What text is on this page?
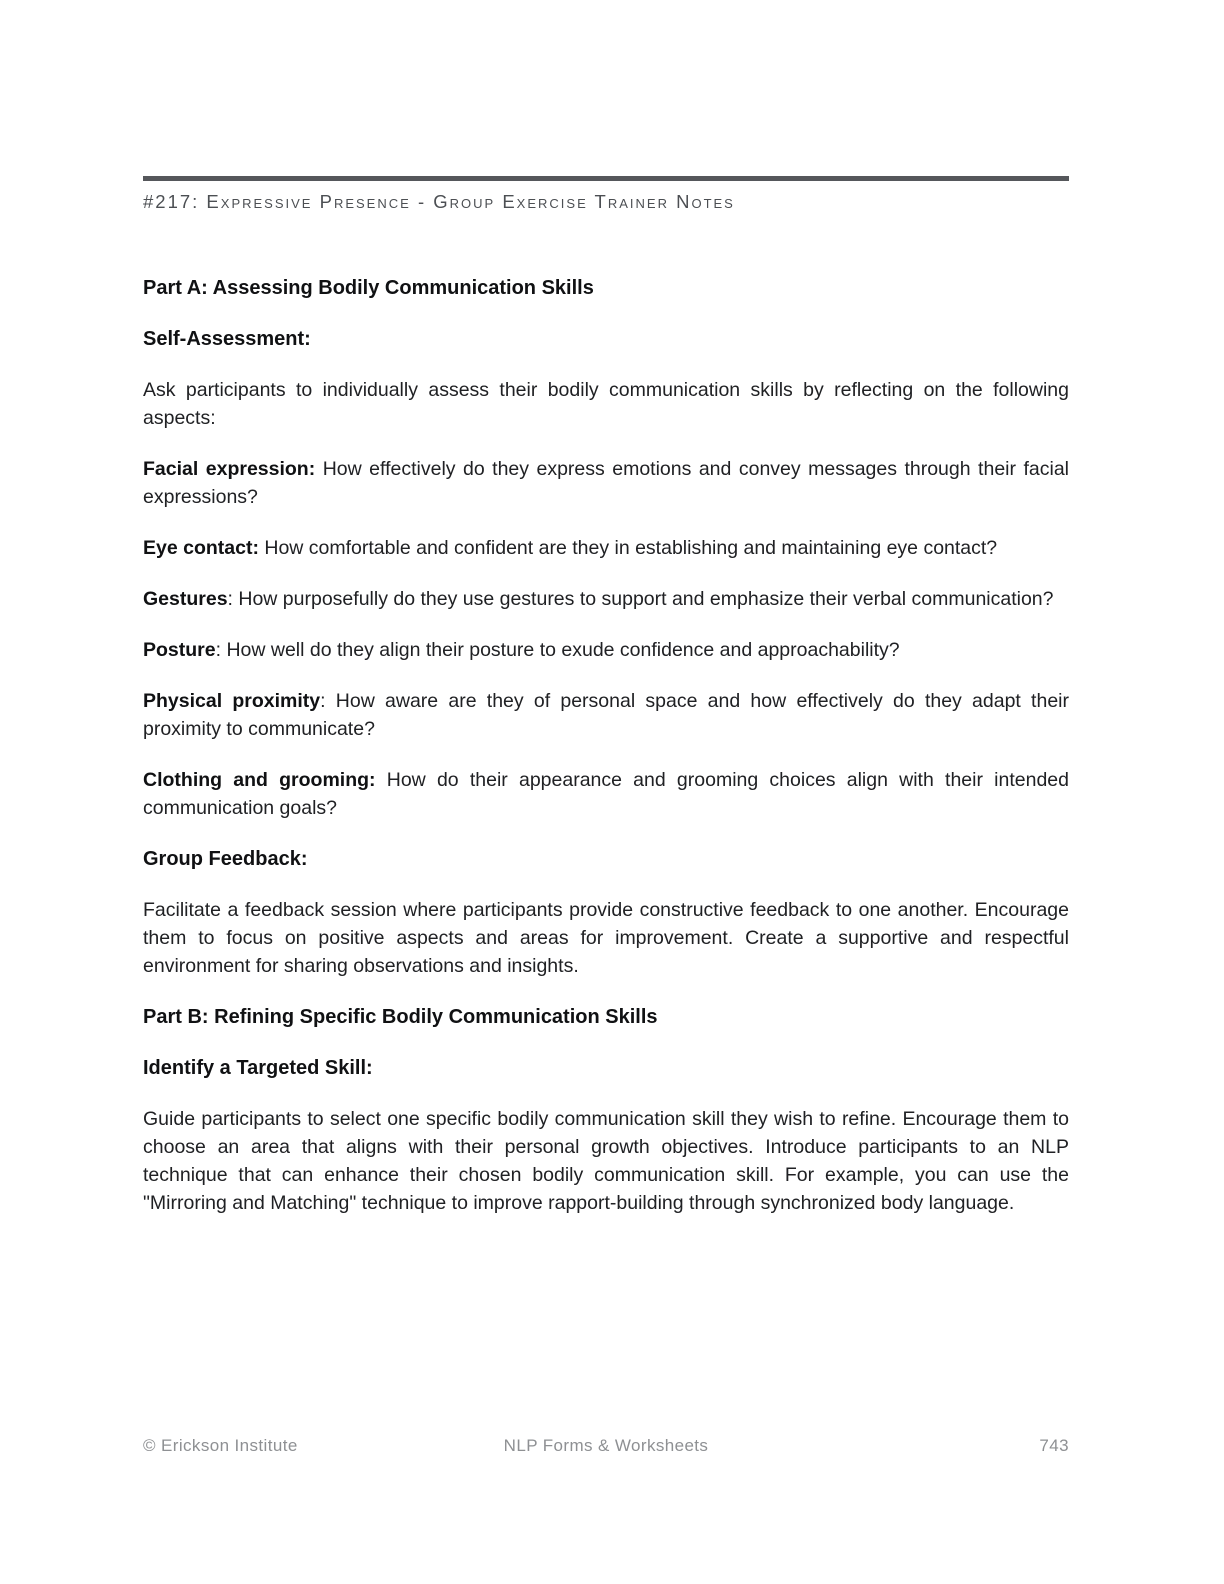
#217: Expressive Presence - Group Exercise Trainer Notes
Part A: Assessing Bodily Communication Skills
Self-Assessment:

Ask participants to individually assess their bodily communication skills by reflecting on the following aspects:

Facial expression: How effectively do they express emotions and convey messages through their facial expressions?

Eye contact: How comfortable and confident are they in establishing and maintaining eye contact?

Gestures: How purposefully do they use gestures to support and emphasize their verbal communication?

Posture: How well do they align their posture to exude confidence and approachability?

Physical proximity: How aware are they of personal space and how effectively do they adapt their proximity to communicate?

Clothing and grooming: How do their appearance and grooming choices align with their intended communication goals?

Group Feedback:

Facilitate a feedback session where participants provide constructive feedback to one another. Encourage them to focus on positive aspects and areas for improvement. Create a supportive and respectful environment for sharing observations and insights.

Part B: Refining Specific Bodily Communication Skills
Identify a Targeted Skill:

Guide participants to select one specific bodily communication skill they wish to refine. Encourage them to choose an area that aligns with their personal growth objectives. Introduce participants to an NLP technique that can enhance their chosen bodily communication skill. For example, you can use the "Mirroring and Matching" technique to improve rapport-building through synchronized body language.

© Erickson Institute	NLP Forms & Worksheets	743
